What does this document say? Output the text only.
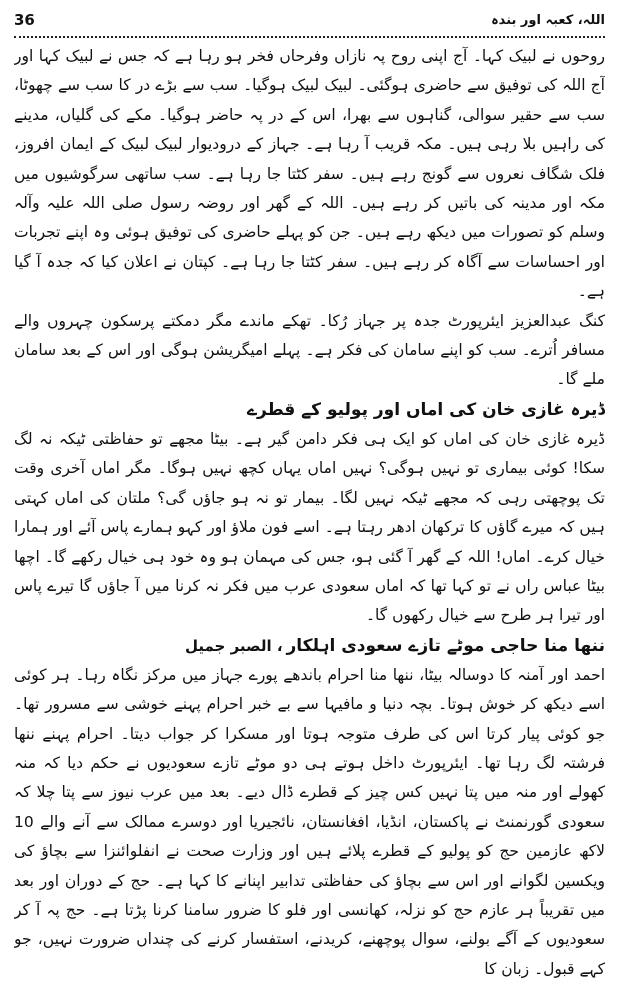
36	اللہ، کعبہ اور بندہ

روحوں نے لبیک کہا۔ آج اپنی روح پہ نازاں وفرحاں فخر ہو رہا ہے کہ جس نے لبیک کہا اور آج اللہ کی توفیق سے حاضری ہوگئی۔ لبیک لبیک ہوگیا۔ سب سے بڑے در کا سب سے چھوٹا، سب سے حقیر سوالی، گناہوں سے بھرا، اس کے در پہ حاضر ہوگیا۔ مکے کی گلیاں، مدینے کی راہیں بلا رہی ہیں۔ مکہ قریب آ رہا ہے۔ جہاز کے درودیوار لبیک لبیک کے ایمان افروز، فلک شگاف نعروں سے گونج رہے ہیں۔ سفر کٹتا جا رہا ہے۔ سب ساتھی سرگوشیوں میں مکہ اور مدینہ کی باتیں کر رہے ہیں۔ اللہ کے گھر اور روضہ رسول صلی اللہ علیہ وآلہ وسلم کو تصورات میں دیکھ رہے ہیں۔ جن کو پہلے حاضری کی توفیق ہوئی وہ اپنے تجربات اور احساسات سے آگاہ کر رہے ہیں۔ سفر کٹتا جا رہا ہے۔ کپتان نے اعلان کیا کہ جدہ آ گیا ہے۔

کنگ عبدالعزیز ایئرپورٹ جدہ پر جہاز رُکا۔ تھکے ماندے مگر دمکتے پرسکون چہروں والے مسافر اُترے۔ سب کو اپنے سامان کی فکر ہے۔ پہلے امیگریشن ہوگی اور اس کے بعد سامان ملے گا۔

ڈیرہ غازی خان کی اماں اور پولیو کے قطرے

ڈیرہ غازی خان کی اماں کو ایک ہی فکر دامن گیر ہے۔ بیٹا مجھے تو حفاظتی ٹیکہ نہ لگ سکا! کوئی بیماری تو نہیں ہوگی؟ نہیں اماں یہاں کچھ نہیں ہوگا۔ مگر اماں آخری وقت تک پوچھتی رہی کہ مجھے ٹیکہ نہیں لگا۔ بیمار تو نہ ہو جاؤں گی؟ ملتان کی اماں کہتی ہیں کہ میرے گاؤں کا ترکھان ادھر رہتا ہے۔ اسے فون ملاؤ اور کہو ہمارے پاس آئے اور ہمارا خیال کرے۔ اماں! اللہ کے گھر آ گئی ہو، جس کی مہمان ہو وہ خود ہی خیال رکھے گا۔ اچھا بیٹا عباس راں نے تو کہا تھا کہ اماں سعودی عرب میں فکر نہ کرنا میں آ جاؤں گا تیرے پاس اور تیرا ہر طرح سے خیال رکھوں گا۔

ننھا منا حاجی موٹے تازے سعودی اہلکار، الصبر جمیل

احمد اور آمنہ کا دوسالہ بیٹا، ننھا منا احرام باندھے پورے جہاز میں مرکز نگاہ رہا۔ ہر کوئی اسے دیکھ کر خوش ہوتا۔ بچہ دنیا و مافیہا سے بے خبر احرام پہنے خوشی سے مسرور تھا۔ جو کوئی پیار کرتا اس کی طرف متوجہ ہوتا اور مسکرا کر جواب دیتا۔ احرام پہنے ننھا فرشتہ لگ رہا تھا۔ ایئرپورٹ داخل ہوتے ہی دو موٹے تازے سعودیوں نے حکم دیا کہ منہ کھولے اور منہ میں پتا نہیں کس چیز کے قطرے ڈال دیے۔ بعد میں عرب نیوز سے پتا چلا کہ سعودی گورنمنٹ نے پاکستان، انڈیا، افغانستان، نائجیریا اور دوسرے ممالک سے آنے والے 10 لاکھ عازمین حج کو پولیو کے قطرے پلائے ہیں اور وزارت صحت نے انفلوائنزا سے بچاؤ کی ویکسین لگوانے اور اس سے بچاؤ کی حفاظتی تدابیر اپنانے کا کہا ہے۔ حج کے دوران اور بعد میں تقریباً ہر عازم حج کو نزلہ، کھانسی اور فلو کا ضرور سامنا کرنا پڑتا ہے۔ حج پہ آ کر سعودیوں کے آگے بولنے، سوال پوچھنے، کریدنے، استفسار کرنے کی چنداں ضرورت نہیں، جو کہے قبول۔ زبان کا
